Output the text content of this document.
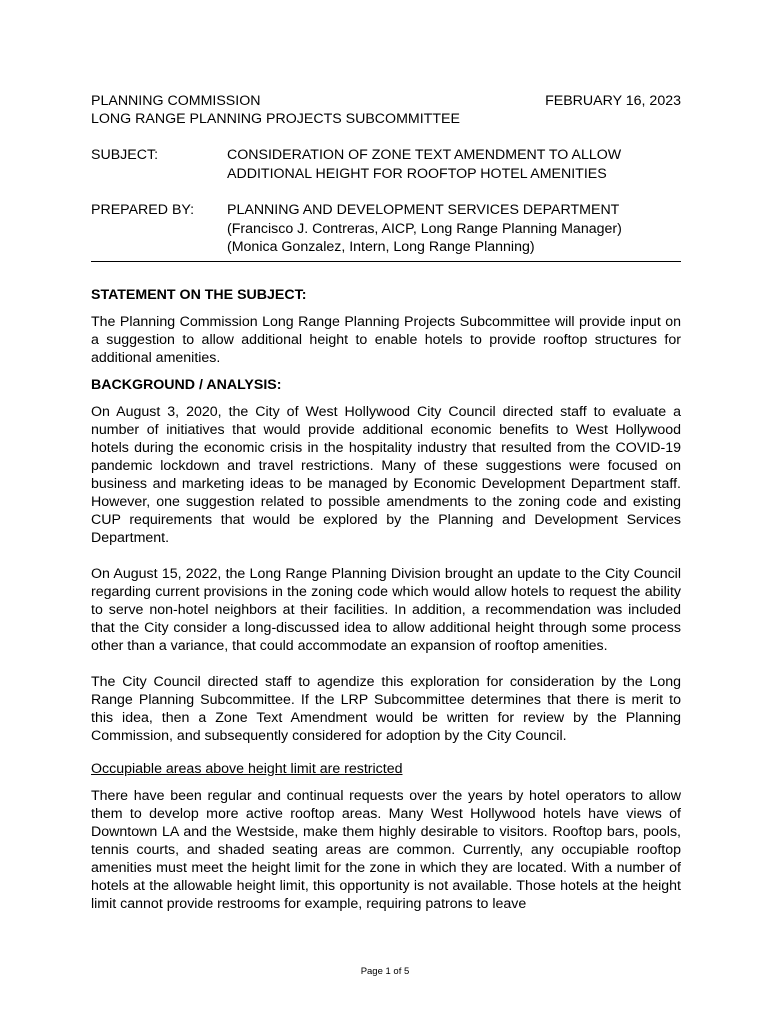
PLANNING COMMISSION	FEBRUARY 16, 2023
LONG RANGE PLANNING PROJECTS SUBCOMMITTEE
SUBJECT:	CONSIDERATION OF ZONE TEXT AMENDMENT TO ALLOW
ADDITIONAL HEIGHT FOR ROOFTOP HOTEL AMENITIES
PREPARED BY:	PLANNING AND DEVELOPMENT SERVICES DEPARTMENT
(Francisco J. Contreras, AICP, Long Range Planning Manager)
(Monica Gonzalez, Intern, Long Range Planning)
STATEMENT ON THE SUBJECT:

The Planning Commission Long Range Planning Projects Subcommittee will provide input on a suggestion to allow additional height to enable hotels to provide rooftop structures for additional amenities.

BACKGROUND / ANALYSIS:

On August 3, 2020, the City of West Hollywood City Council directed staff to evaluate a number of initiatives that would provide additional economic benefits to West Hollywood hotels during the economic crisis in the hospitality industry that resulted from the COVID-19 pandemic lockdown and travel restrictions. Many of these suggestions were focused on business and marketing ideas to be managed by Economic Development Department staff. However, one suggestion related to possible amendments to the zoning code and existing CUP requirements that would be explored by the Planning and Development Services Department.

On August 15, 2022, the Long Range Planning Division brought an update to the City Council regarding current provisions in the zoning code which would allow hotels to request the ability to serve non-hotel neighbors at their facilities. In addition, a recommendation was included that the City consider a long-discussed idea to allow additional height through some process other than a variance, that could accommodate an expansion of rooftop amenities.

The City Council directed staff to agendize this exploration for consideration by the Long Range Planning Subcommittee. If the LRP Subcommittee determines that there is merit to this idea, then a Zone Text Amendment would be written for review by the Planning Commission, and subsequently considered for adoption by the City Council.

Occupiable areas above height limit are restricted

There have been regular and continual requests over the years by hotel operators to allow them to develop more active rooftop areas. Many West Hollywood hotels have views of Downtown LA and the Westside, make them highly desirable to visitors. Rooftop bars, pools, tennis courts, and shaded seating areas are common. Currently, any occupiable rooftop amenities must meet the height limit for the zone in which they are located. With a number of hotels at the allowable height limit, this opportunity is not available. Those hotels at the height limit cannot provide restrooms for example, requiring patrons to leave

Page 1 of 5
